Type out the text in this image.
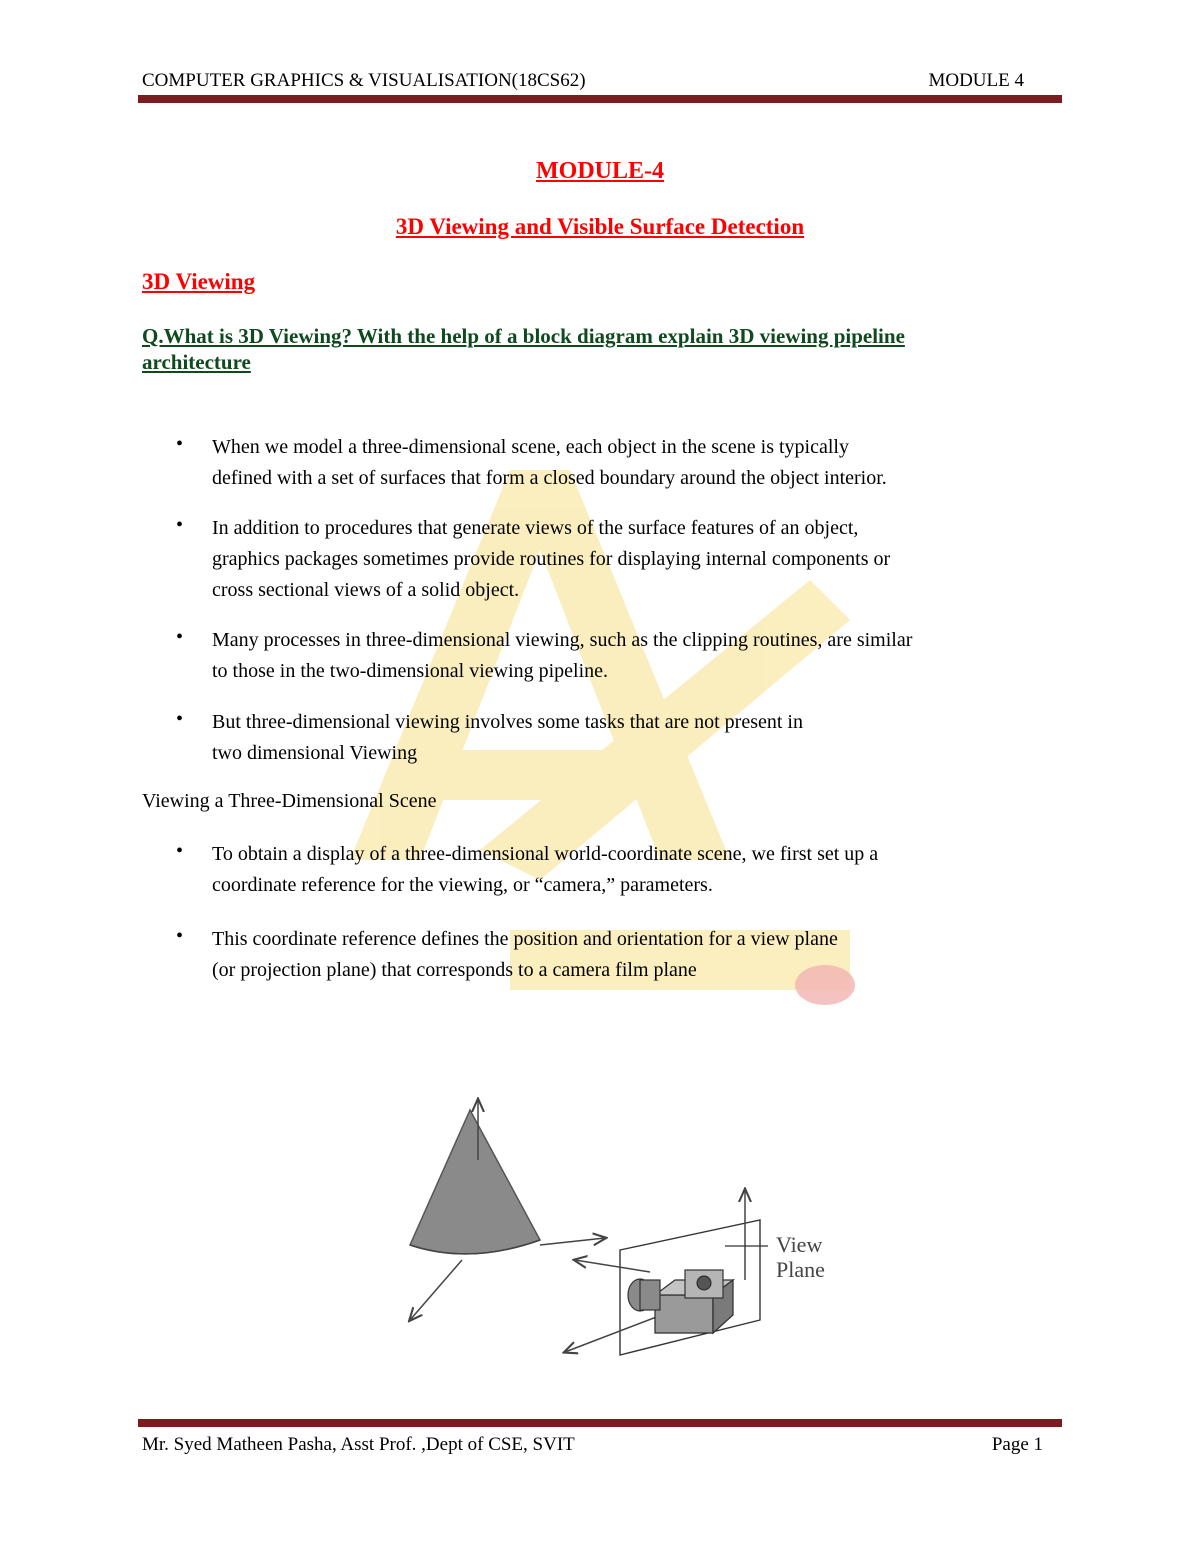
COMPUTER GRAPHICS & VISUALISATION(18CS62)	MODULE 4
MODULE-4
3D Viewing and Visible Surface Detection
3D Viewing
Q.What is 3D Viewing? With the help of a block diagram explain 3D viewing pipeline
architecture
• When we model a three-dimensional scene, each object in the scene is typically
defined with a set of surfaces that form a closed boundary around the object interior.
• In addition to procedures that generate views of the surface features of an object,
graphics packages sometimes provide routines for displaying internal components or
cross sectional views of a solid object.
• Many processes in three-dimensional viewing, such as the clipping routines, are similar
to those in the two-dimensional viewing pipeline.
• But three-dimensional viewing involves some tasks that are not present in
two dimensional Viewing
Viewing a Three-Dimensional Scene
• To obtain a display of a three-dimensional world-coordinate scene, we first set up a
coordinate reference for the viewing, or “camera,” parameters.
• This coordinate reference defines the position and orientation for a view plane
(or projection plane) that corresponds to a camera film plane
View
Plane
Mr. Syed Matheen Pasha, Asst Prof. ,Dept of CSE, SVIT	Page 1
